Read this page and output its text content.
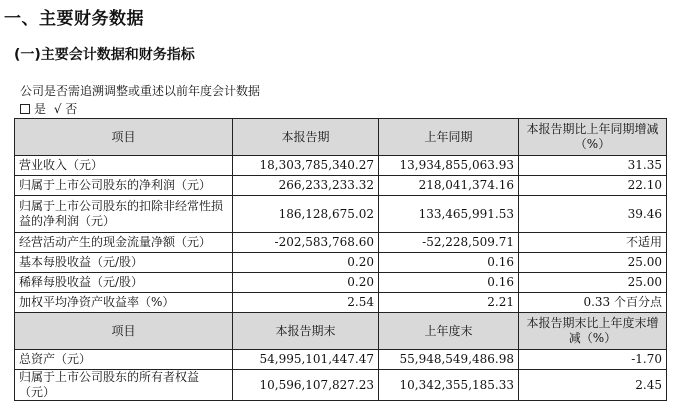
一、主要财务数据
(一)主要会计数据和财务指标
公司是否需追溯调整或重述以前年度会计数据
是 √ 否
项目	本报告期	上年同期	本报告期比上年同期增减（%）
营业收入（元）	18,303,785,340.27	13,934,855,063.93	31.35
归属于上市公司股东的净利润（元）	266,233,233.32	218,041,374.16	22.10
归属于上市公司股东的扣除非经常性损益的净利润（元）	186,128,675.02	133,465,991.53	39.46
经营活动产生的现金流量净额（元）	-202,583,768.60	-52,228,509.71	不适用
基本每股收益（元/股）	0.20	0.16	25.00
稀释每股收益（元/股）	0.20	0.16	25.00
加权平均净资产收益率（%）	2.54	2.21	0.33 个百分点
项目	本报告期末	上年度末	本报告期末比上年度末增减（%）
总资产（元）	54,995,101,447.47	55,948,549,486.98	-1.70
归属于上市公司股东的所有者权益（元）	10,596,107,827.23	10,342,355,185.33	2.45
